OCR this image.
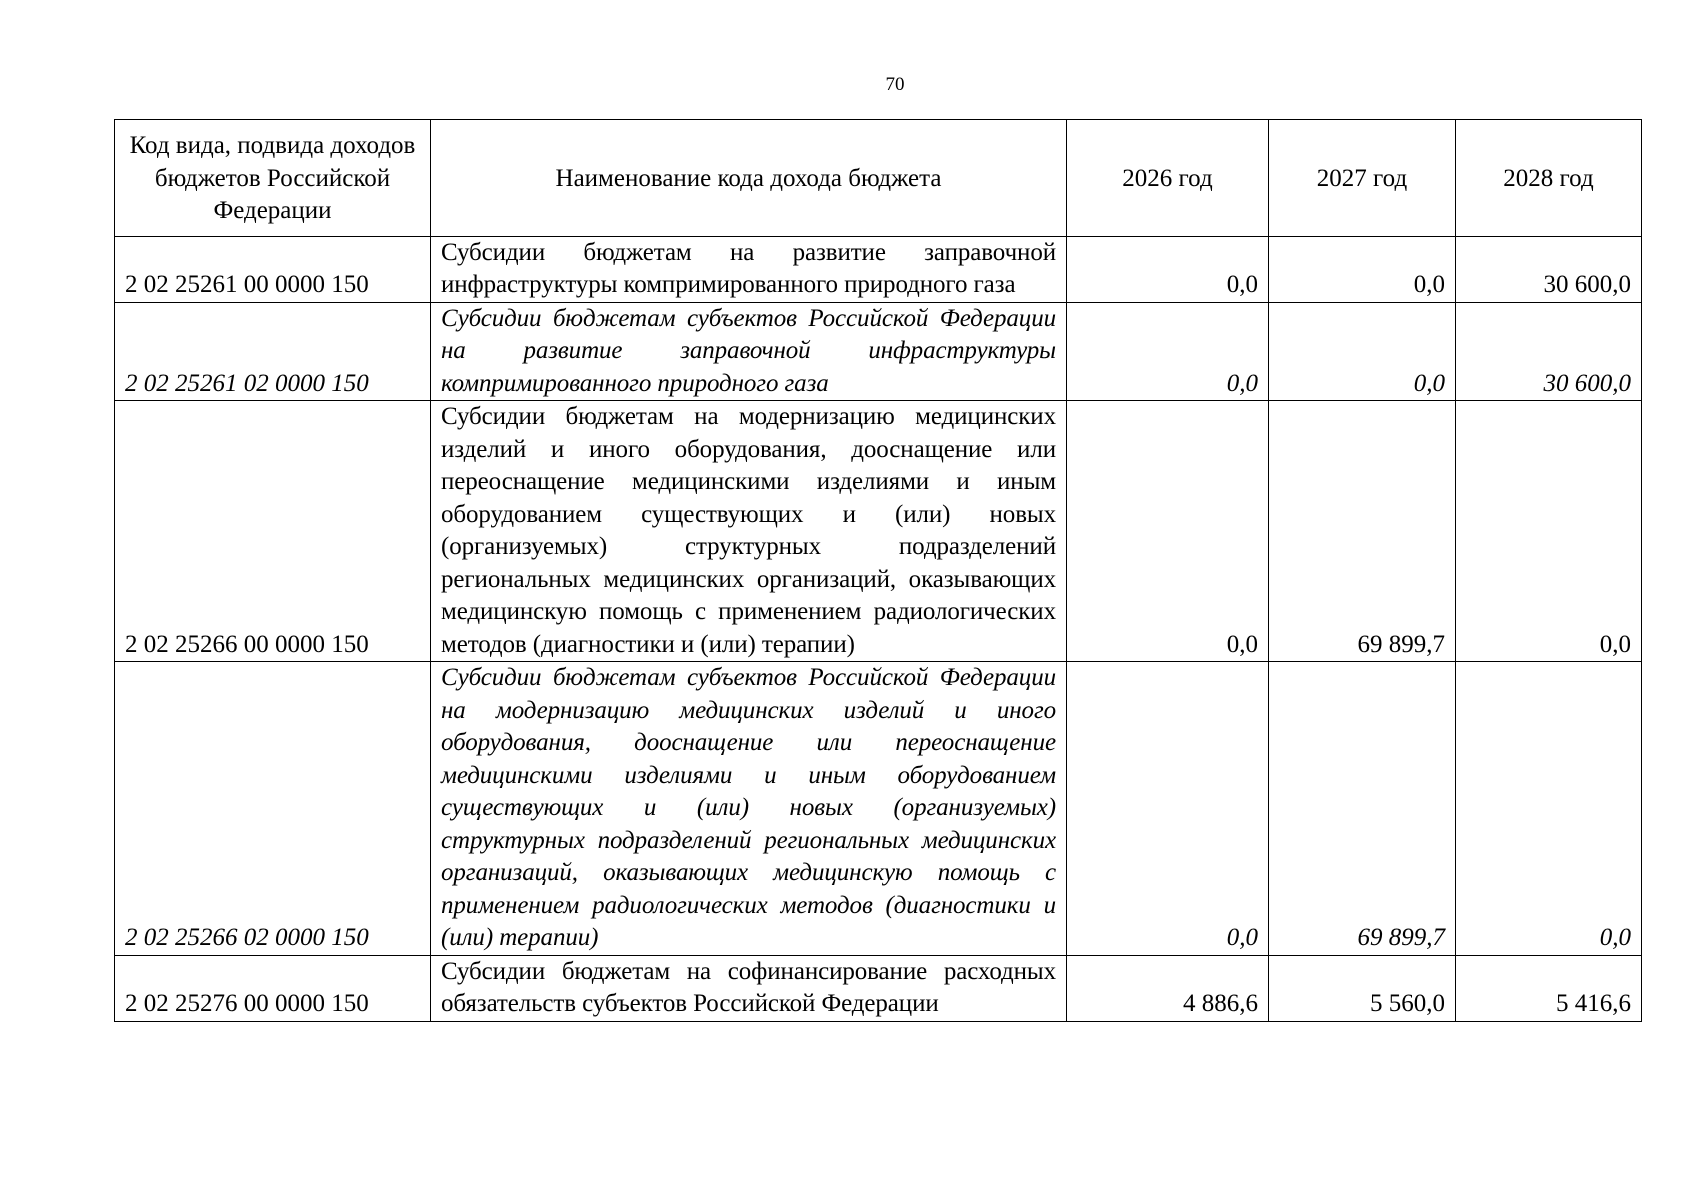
70
Код вида, подвида доходов бюджетов Российской Федерации	Наименование кода дохода бюджета	2026 год	2027 год	2028 год
2 02 25261 00 0000 150	Субсидии бюджетам на развитие заправочной инфраструктуры компримированного природного газа	0,0	0,0	30 600,0
2 02 25261 02 0000 150	Субсидии бюджетам субъектов Российской Федерации на развитие заправочной инфраструктуры компримированного природного газа	0,0	0,0	30 600,0
2 02 25266 00 0000 150	Субсидии бюджетам на модернизацию медицинских изделий и иного оборудования, дооснащение или переоснащение медицинскими изделиями и иным оборудованием существующих и (или) новых (организуемых) структурных подразделений региональных медицинских организаций, оказывающих медицинскую помощь с применением радиологических методов (диагностики и (или) терапии)	0,0	69 899,7	0,0
2 02 25266 02 0000 150	Субсидии бюджетам субъектов Российской Федерации на модернизацию медицинских изделий и иного оборудования, дооснащение или переоснащение медицинскими изделиями и иным оборудованием существующих и (или) новых (организуемых) структурных подразделений региональных медицинских организаций, оказывающих медицинскую помощь с применением радиологических методов (диагностики и (или) терапии)	0,0	69 899,7	0,0
2 02 25276 00 0000 150	Субсидии бюджетам на софинансирование расходных обязательств субъектов Российской Федерации	4 886,6	5 560,0	5 416,6
